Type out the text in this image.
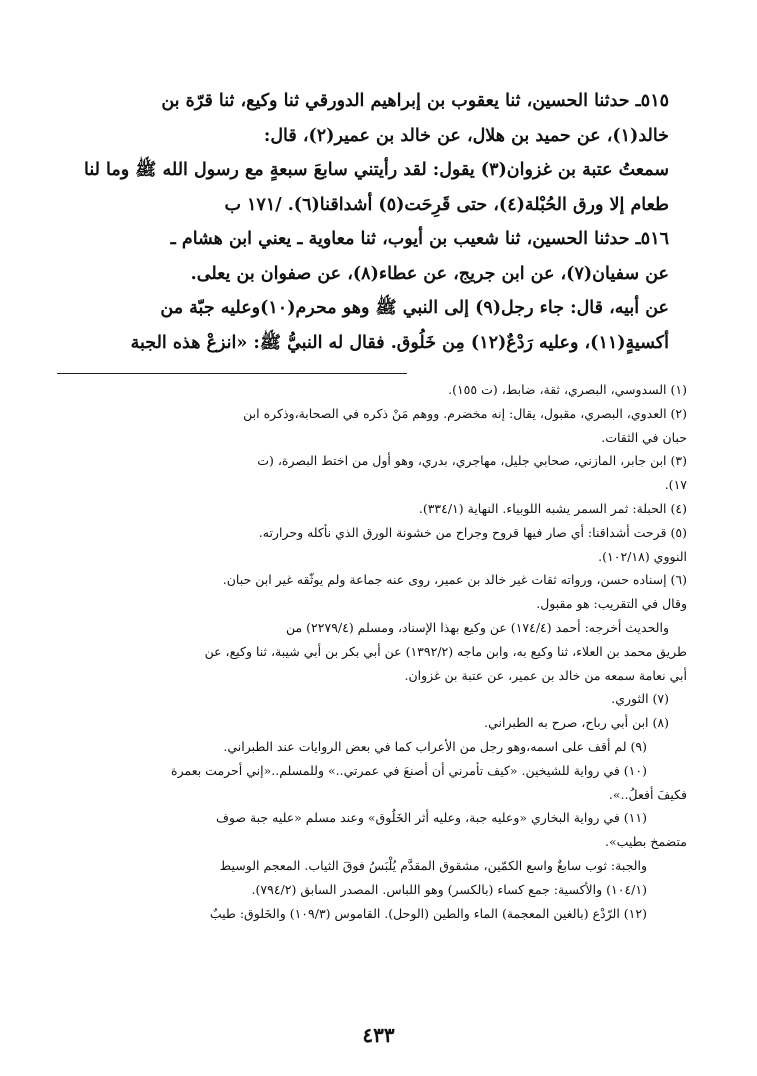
٥١٥ـ حدثنا الحسين، ثنا يعقوب بن إبراهيم الدورقي ثنا وكيع، ثنا قرّة بن

خالد(١)، عن حميد بن هلال، عن خالد بن عمير(٢)، قال:

سمعتُ عتبة بن غزوان(٣) يقول: لقد رأيتني سابعَ سبعةٍ مع رسول الله ﷺ وما لنا

طعام إلا ورق الحُبْلة(٤)، حتى قَرِحَت(٥) أشداقنا(٦). /١٧١ ب

٥١٦ـ حدثنا الحسين، ثنا شعيب بن أيوب، ثنا معاوية ـ يعني ابن هشام ـ

عن سفيان(٧)، عن ابن جريج، عن عطاء(٨)، عن صفوان بن يعلى.

عن أبيه، قال: جاء رجل(٩) إلى النبي ﷺ وهو محرم(١٠)وعليه جبّة من

أكسيةٍ(١١)، وعليه رَدْعٌ(١٢) مِن خَلُوق. فقال له النبيُّ ﷺ: «انزعْ هذه الجبة

(١) السدوسي، البصري، ثقة، ضابط، (ت ١٥٥).

(٢) العدوي، البصري، مقبول، يقال: إنه مخضرم. ووهم مَنْ ذكره في الصحابة،وذكره ابن

حبان في الثقات.

(٣) ابن جابر، المازني، صحابي جليل، مهاجري، بدري، وهو أول من اختط البصرة، (ت

١٧).

(٤) الحبلة: ثمر السمر يشبه اللوبياء. النهاية (٣٣٤/١).

(٥) قرحت أشداقنا: أي صار فيها قروح وجراح من خشونة الورق الذي نأكله وحرارته.

النووي (١٠٢/١٨).

(٦) إسناده حسن، ورواته ثقات غير خالد بن عمير، روى عنه جماعة ولم يوثّقه غير ابن حبان.

وقال في التقريب: هو مقبول.

والحديث أخرجه: أحمد (١٧٤/٤) عن وكيع بهذا الإسناد، ومسلم (٢٢٧٩/٤) من

طريق محمد بن العلاء، ثنا وكيع به، وابن ماجه (١٣٩٢/٢) عن أبي بكر بن أبي شيبة، ثنا وكيع، عن

أبي نعامة سمعه من خالد بن عمير، عن عتبة بن غزوان.

(٧) الثوري.

(٨) ابن أبي رباح، صرح به الطبراني.

(٩) لم أقف على اسمه،وهو رجل من الأعراب كما في بعض الروايات عند الطبراني.

(١٠) في رواية للشيخين. «كيف تأمرني أن أصنعَ في عمرتي..» وللمسلم..«إني أحرمت بعمرة

فكيفَ أفعلُ..».

(١١) في رواية البخاري «وعليه جبة، وعليه أثر الخَلُوق» وعند مسلم «عليه جبة صوف

متضمخ بطيب».

والجبة: ثوب سابغٌ واسع الكمّين، مشقوق المقدَّم يُلْبَسُ فوقَ الثياب. المعجم الوسيط

(١٠٤/١) والأكسية: جمع كساء (بالكسر) وهو اللباس. المصدر السابق (٧٩٤/٢).

(١٢) الرّدْع (بالغين المعجمة) الماء والطين (الوحل). القاموس (١٠٩/٣) والخَلوق: طيبٌ

٤٣٣
